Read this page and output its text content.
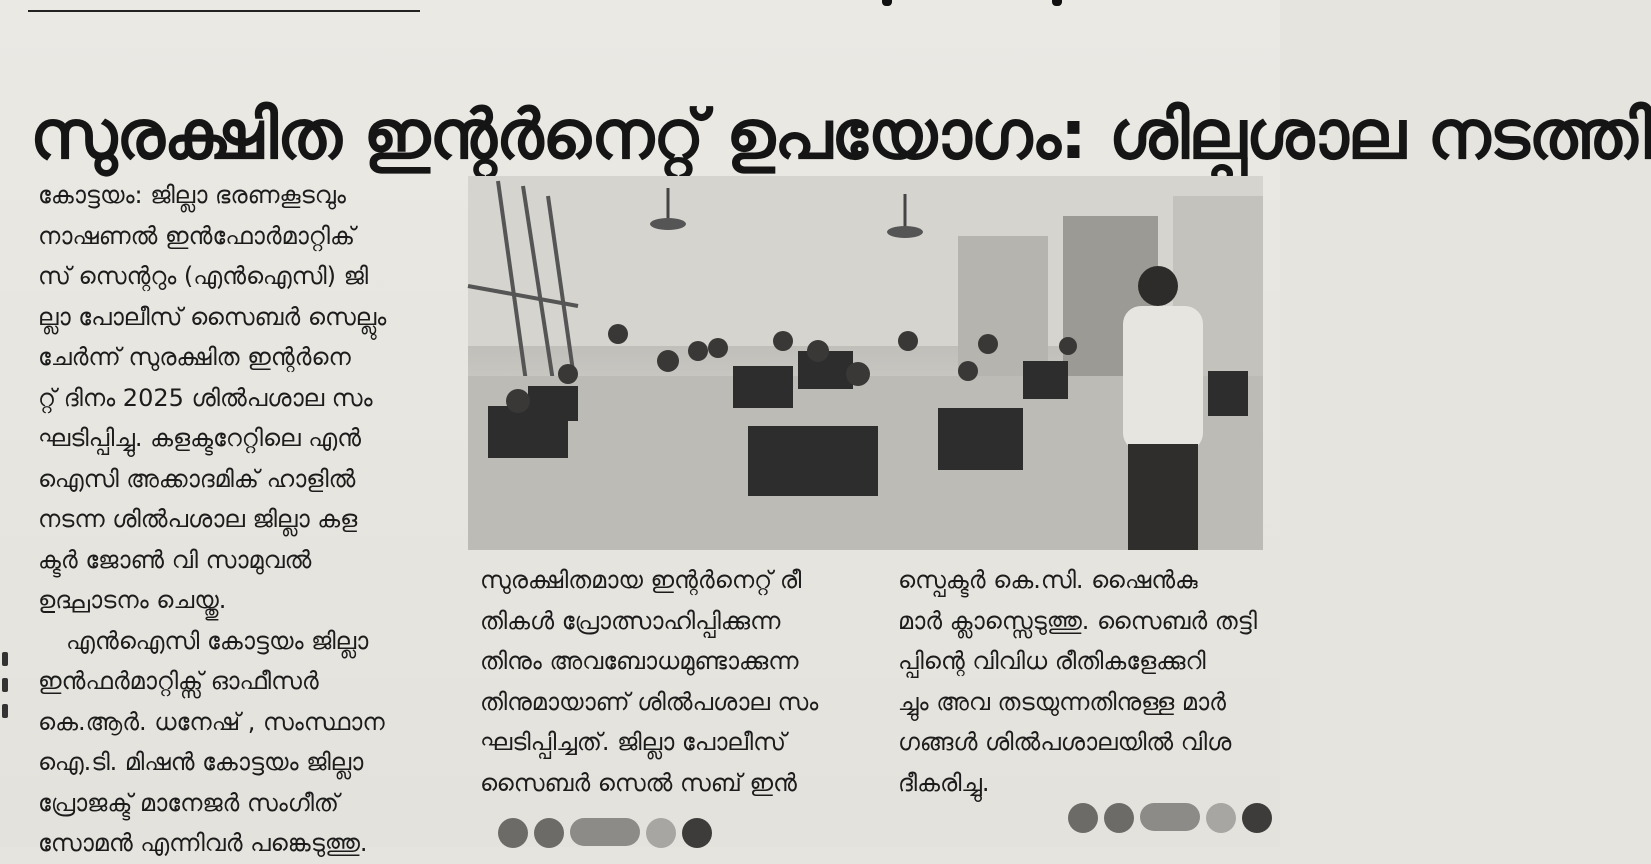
സുരക്ഷിത ഇന്റർനെറ്റ് ഉപയോഗം: ശില്പശാല നടത്തി

കോട്ടയം: ജില്ലാ ഭരണകൂടവും
നാഷണൽ ഇൻഫോർമാറ്റിക്
സ് സെന്ററും (എൻഐസി) ജി
ല്ലാ പോലീസ് സൈബർ സെല്ലും
ചേർന്ന് സുരക്ഷിത ഇന്റർനെ
റ്റ് ദിനം 2025 ശിൽപശാല സം
ഘടിപ്പിച്ചു. കളക്ടറേറ്റിലെ എൻ
ഐസി അക്കാദമിക് ഹാളിൽ
നടന്ന ശിൽപശാല ജില്ലാ കള
ക്ടർ ജോൺ വി സാമുവൽ
ഉദ്ഘാടനം ചെയ്തു.

എൻഐസി കോട്ടയം ജില്ലാ
ഇൻഫർമാറ്റിക്സ് ഓഫീസർ
കെ.ആർ. ധനേഷ് , സംസ്ഥാന
ഐ.ടി. മിഷൻ കോട്ടയം ജില്ലാ
പ്രോജക്ട് മാനേജർ സംഗീത്
സോമൻ എന്നിവർ പങ്കെടുത്തു.

സുരക്ഷിതമായ ഇന്റർനെറ്റ് രീ
തികൾ പ്രോത്സാഹിപ്പിക്കുന്ന
തിനും അവബോധമുണ്ടാക്കുന്ന
തിനുമായാണ് ശിൽപശാല സം
ഘടിപ്പിച്ചത്. ജില്ലാ പോലീസ്
സൈബർ സെൽ സബ് ഇൻ
സ്പെക്ടർ കെ.സി. ഷൈൻകു
മാർ ക്ലാസ്സെടുത്തു. സൈബർ തട്ടി
പ്പിന്റെ വിവിധ രീതികളേക്കുറി
ച്ചും അവ തടയുന്നതിനുള്ള മാർ
ഗങ്ങൾ ശിൽപശാലയിൽ വിശ
ദീകരിച്ചു.
